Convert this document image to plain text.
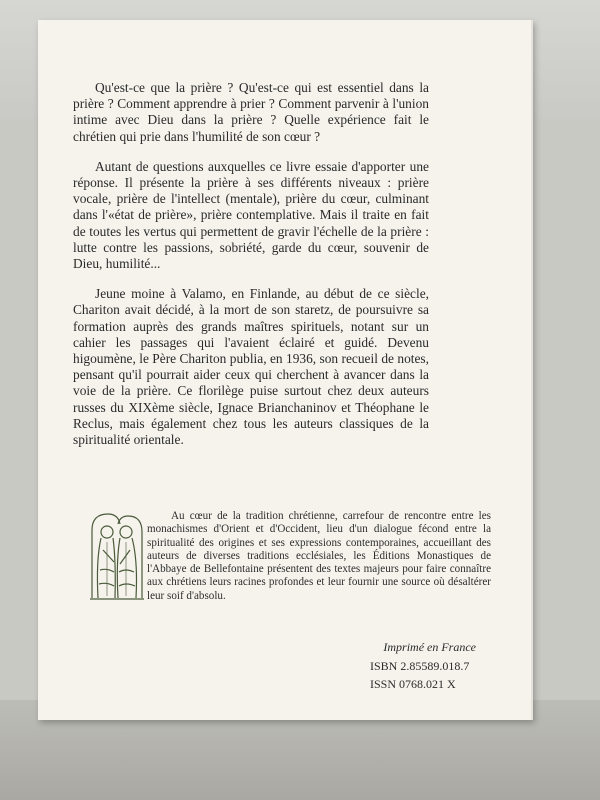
Qu'est-ce que la prière ? Qu'est-ce qui est essentiel dans la prière ? Comment apprendre à prier ? Comment parvenir à l'union intime avec Dieu dans la prière ? Quelle expérience fait le chrétien qui prie dans l'humilité de son cœur ?

Autant de questions auxquelles ce livre essaie d'apporter une réponse. Il présente la prière à ses différents niveaux : prière vocale, prière de l'intellect (mentale), prière du cœur, culminant dans l'«état de prière», prière contemplative. Mais il traite en fait de toutes les vertus qui permettent de gravir l'échelle de la prière : lutte contre les passions, sobriété, garde du cœur, souvenir de Dieu, humilité...

Jeune moine à Valamo, en Finlande, au début de ce siècle, Chariton avait décidé, à la mort de son staretz, de poursuivre sa formation auprès des grands maîtres spirituels, notant sur un cahier les passages qui l'avaient éclairé et guidé. Devenu higoumène, le Père Chariton publia, en 1936, son recueil de notes, pensant qu'il pourrait aider ceux qui cherchent à avancer dans la voie de la prière. Ce florilège puise surtout chez deux auteurs russes du XIXème siècle, Ignace Brianchaninov et Théophane le Reclus, mais également chez tous les auteurs classiques de la spiritualité orientale.

Au cœur de la tradition chrétienne, carrefour de rencontre entre les monachismes d'Orient et d'Occident, lieu d'un dialogue fécond entre la spiritualité des origines et ses expressions contemporaines, accueillant des auteurs de diverses traditions ecclésiales, les Éditions Monastiques de l'Abbaye de Bellefontaine présentent des textes majeurs pour faire connaître aux chrétiens leurs racines profondes et leur fournir une source où désaltérer leur soif d'absolu.

Imprimé en France
ISBN 2.85589.018.7
ISSN 0768.021 X
